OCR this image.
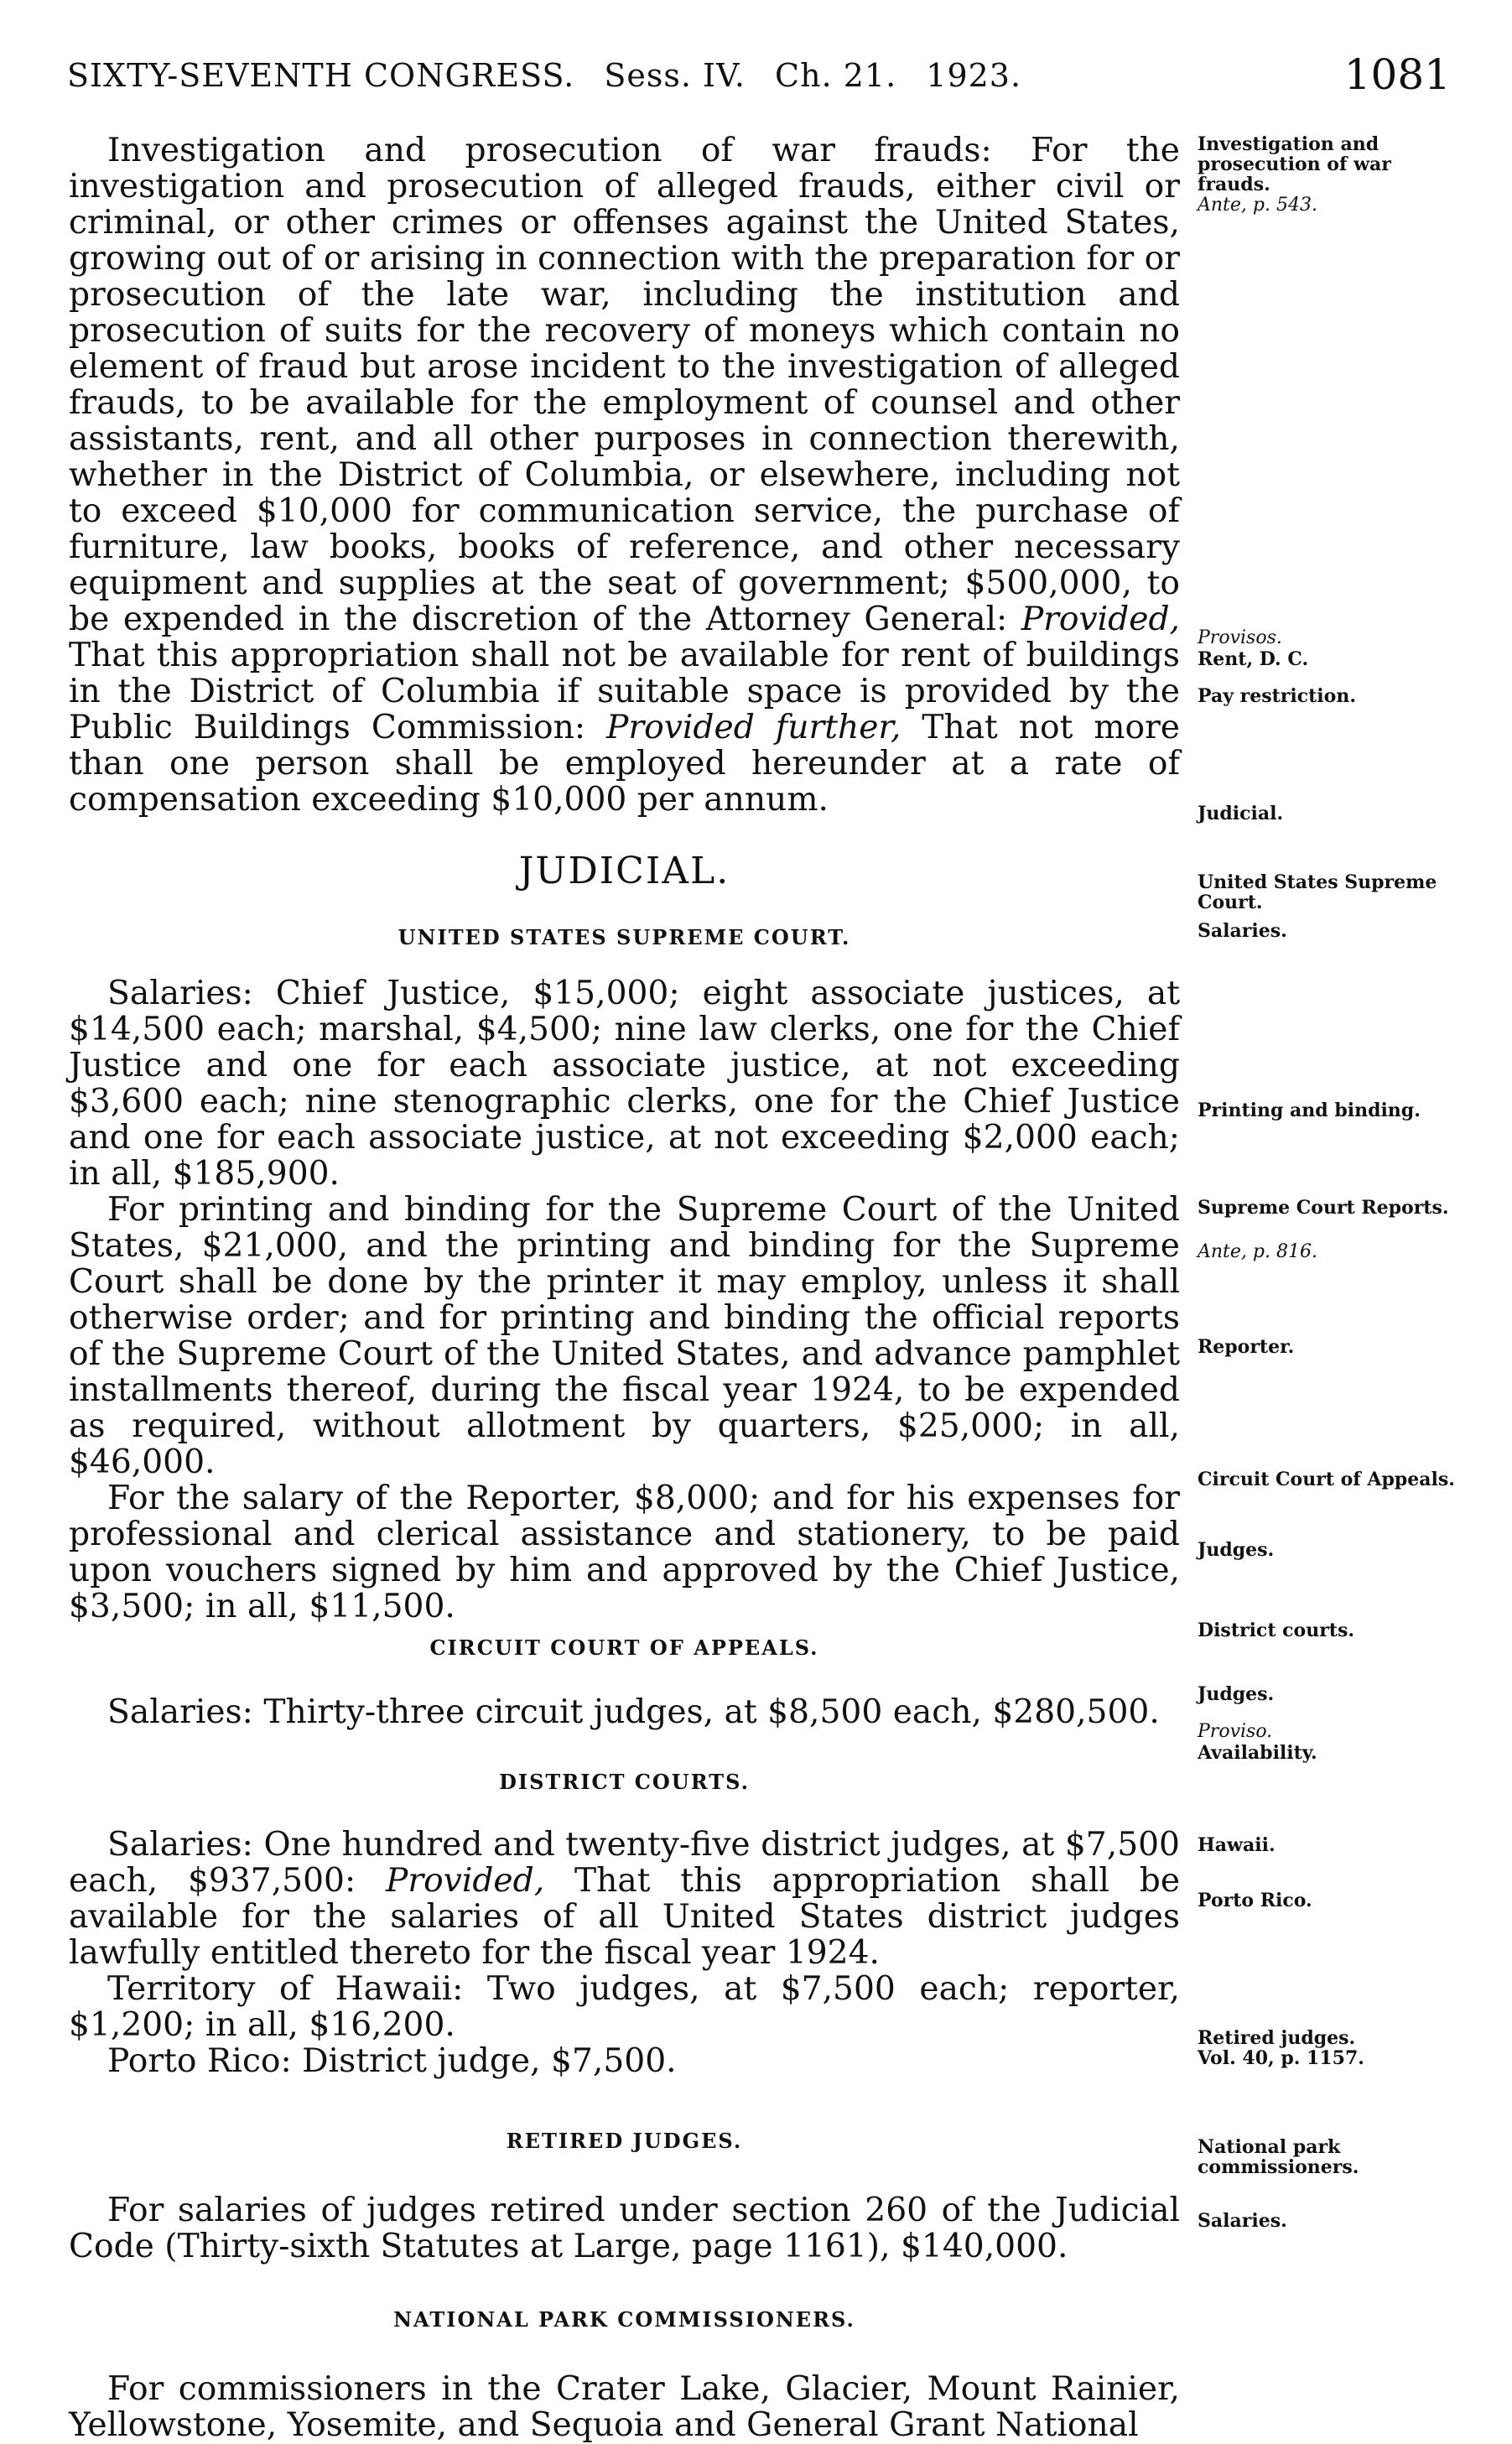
SIXTY-SEVENTH CONGRESS. Sess. IV. Ch. 21. 1923.	1081

Investigation and prosecution of war frauds: For the investigation and prosecution of alleged frauds, either civil or criminal, or other crimes or offenses against the United States, growing out of or arising in connection with the preparation for or prosecution of the late war, including the institution and prosecution of suits for the recovery of moneys which contain no element of fraud but arose incident to the investigation of alleged frauds, to be available for the employment of counsel and other assistants, rent, and all other purposes in connection therewith, whether in the District of Columbia, or elsewhere, including not to exceed $10,000 for communication service, the purchase of furniture, law books, books of reference, and other necessary equipment and supplies at the seat of government; $500,000, to be expended in the discretion of the Attorney General: Provided, That this appropriation shall not be available for rent of buildings in the District of Columbia if suitable space is provided by the Public Buildings Commission: Provided further, That not more than one person shall be employed hereunder at a rate of compensation exceeding $10,000 per annum.

JUDICIAL.

UNITED STATES SUPREME COURT.

Salaries: Chief Justice, $15,000; eight associate justices, at $14,500 each; marshal, $4,500; nine law clerks, one for the Chief Justice and one for each associate justice, at not exceeding $3,600 each; nine stenographic clerks, one for the Chief Justice and one for each associate justice, at not exceeding $2,000 each; in all, $185,900.

For printing and binding for the Supreme Court of the United States, $21,000, and the printing and binding for the Supreme Court shall be done by the printer it may employ, unless it shall otherwise order; and for printing and binding the official reports of the Supreme Court of the United States, and advance pamphlet installments thereof, during the fiscal year 1924, to be expended as required, without allotment by quarters, $25,000; in all, $46,000.

For the salary of the Reporter, $8,000; and for his expenses for professional and clerical assistance and stationery, to be paid upon vouchers signed by him and approved by the Chief Justice, $3,500; in all, $11,500.

CIRCUIT COURT OF APPEALS.

Salaries: Thirty-three circuit judges, at $8,500 each, $280,500.

DISTRICT COURTS.

Salaries: One hundred and twenty-five district judges, at $7,500 each, $937,500: Provided, That this appropriation shall be available for the salaries of all United States district judges lawfully entitled thereto for the fiscal year 1924.

Territory of Hawaii: Two judges, at $7,500 each; reporter, $1,200; in all, $16,200.

Porto Rico: District judge, $7,500.

RETIRED JUDGES.

For salaries of judges retired under section 260 of the Judicial Code (Thirty-sixth Statutes at Large, page 1161), $140,000.

NATIONAL PARK COMMISSIONERS.

For commissioners in the Crater Lake, Glacier, Mount Rainier, Yellowstone, Yosemite, and Sequoia and General Grant National

Investigation and prosecution of war frauds.
Ante, p. 543.
Provisos.
Rent, D. C.
Pay restriction.
Judicial.
United States Supreme Court.
Salaries.
Printing and binding.
Supreme Court Reports.
Ante, p. 816.
Reporter.
Circuit Court of Appeals.
Judges.
District courts.
Judges.
Proviso.
Availability.
Hawaii.
Porto Rico.
Retired judges.
Vol. 40, p. 1157.
National park commissioners.
Salaries.
